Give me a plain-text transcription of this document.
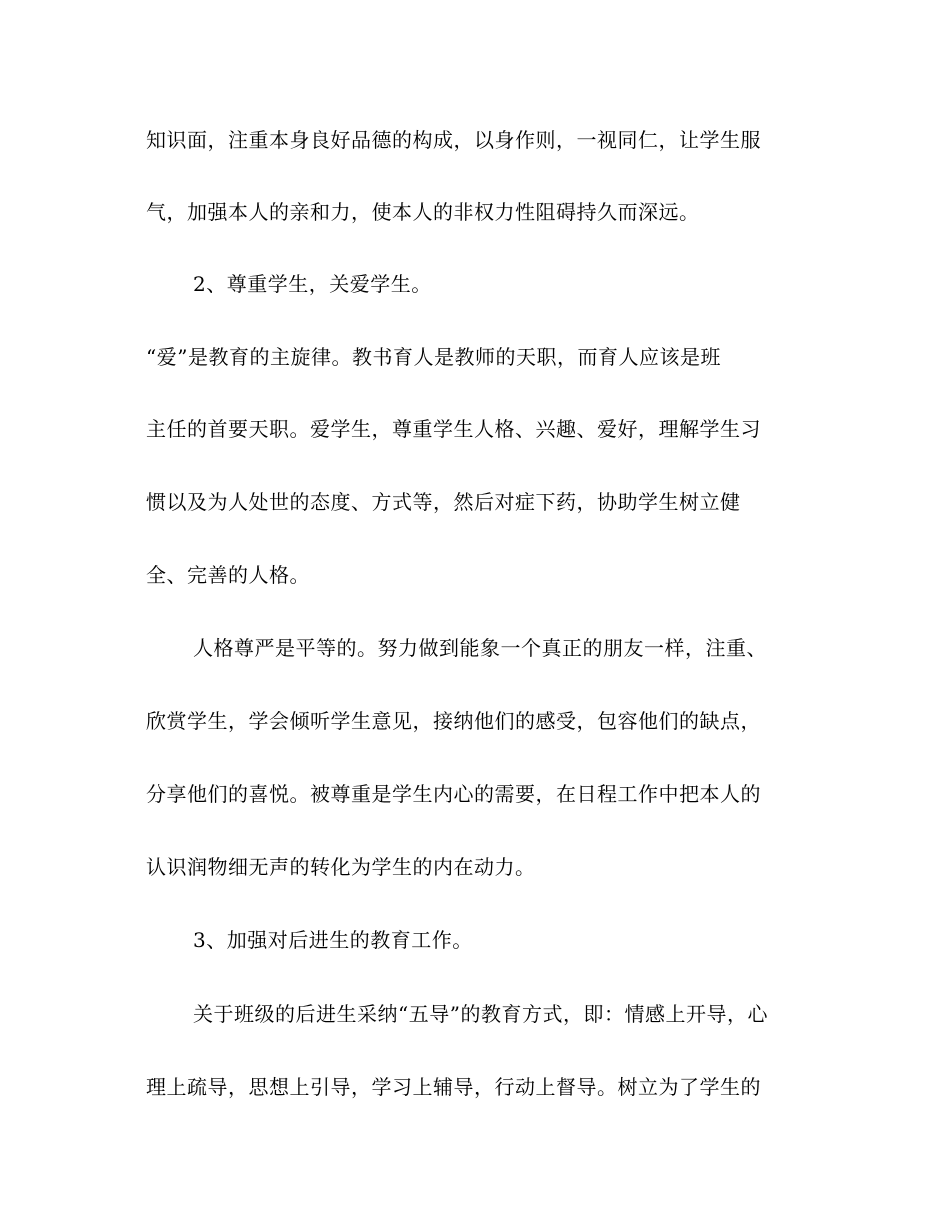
知识面，注重本身良好品德的构成，以身作则，一视同仁，让学生服
气，加强本人的亲和力，使本人的非权力性阻碍持久而深远。
2、尊重学生，关爱学生。
“爱”是教育的主旋律。教书育人是教师的天职，而育人应该是班
主任的首要天职。爱学生，尊重学生人格、兴趣、爱好，理解学生习
惯以及为人处世的态度、方式等，然后对症下药，协助学生树立健
全、完善的人格。
人格尊严是平等的。努力做到能象一个真正的朋友一样，注重、
欣赏学生，学会倾听学生意见，接纳他们的感受，包容他们的缺点，
分享他们的喜悦。被尊重是学生内心的需要，在日程工作中把本人的
认识润物细无声的转化为学生的内在动力。
3、加强对后进生的教育工作。
关于班级的后进生采纳“五导”的教育方式，即：情感上开导，心
理上疏导，思想上引导，学习上辅导，行动上督导。树立为了学生的
